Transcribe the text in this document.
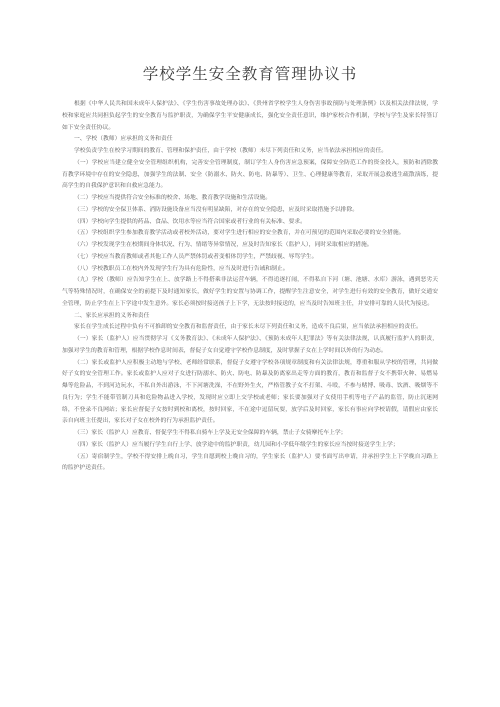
学校学生安全教育管理协议书

根据《中华人民共和国未成年人保护法》、《学生伤害事故处理办法》、《贵州省学校学生人身伤害事故预防与处理条例》以及相关法律法规，学校和家庭应共同担负起学生的安全教育与监护职责，为确保学生平安健康成长，强化安全责任意识，维护家校合作机制，学校与学生及家长特签订如下安全责任协议。

一、学校（教师）应承担的义务和责任

学校负责学生在校学习期间的教育、管理和保护责任，由于学校（教师）未尽下列责任和义务，应当依法承担相应的责任。

（一）学校应当建立健全安全管理组织机构，完善安全管理制度，制订学生人身伤害应急预案，保障安全防范工作的资金投入，预防和消除教育教学环境中存在的安全隐患，加强学生的法制、安全（防溺水、防火、防电、防暴等）、卫生、心理健康等教育，采取开展急救逃生疏散演练，提高学生的自我保护意识和自救应急能力。

（二）学校应当提供符合安全标准的校舍、场地、教育教学设施和生活设施。

（三）学校的安全保卫体系、消防设施设备应当没有明显缺陷，对存在的安全隐患，应及时采取措施予以排除。

（四）学校向学生提供的药品、食品、饮用水等应当符合国家或者行业的有关标准、要求。

（五）学校组织学生参加教育教学活动或者校外活动，要对学生进行相应的安全教育，并在可预见的范围内采取必要的安全措施。

（六）学校发现学生在校期间身体状况、行为、情绪等异常情况，应及时告知家长（监护人），同时采取相应的措施。

（七）学校应当教育教师或者其他工作人员严禁体罚或者变相体罚学生，严禁歧视、辱骂学生。

（八）学校教职员工在校内外发现学生行为具有危险性，应当及时进行告诫和制止。

（九）学校（教师）应告知学生在上、放学路上不得搭乘非法运营车辆，不得追逐打闹，不得私自下河（塘、池塘、水库）游泳，遇到恶劣天气等特殊情况时，在确保安全的前提下及时通知家长，做好学生的安置与协调工作，提醒学生注意安全，对学生进行有效的安全教育，做好交通安全管理，防止学生在上下学途中发生意外。家长必须按时接送孩子上下学，无法按时接送的，应当及时告知班主任，并安排可靠的人员代为接送。

二、家长应承担的义务和责任

家长在学生成长过程中负有不可推卸的安全教育和监督责任，由于家长未尽下列责任和义务，造成不良后果，应当依法承担相应的责任。

（一）家长（监护人）应当贯彻学习《义务教育法》、《未成年人保护法》、《预防未成年人犯罪法》等有关法律法规，认真履行监护人的职责，加强对学生的教育和管理，根据学校作息时间表，督促子女自觉遵守学校作息制度，及时掌握子女在上学时间以外的行为动态。

（二）家长或监护人应积极主动地与学校、老师经常联系，督促子女遵守学校各项规章制度和有关法律法规，尊重和服从学校的管理，共同做好子女的安全管理工作。家长或监护人应对子女进行防溺水、防火、防电、防暴及防离家出走等方面的教育，教育和监督子女不携带火种、易燃易爆等危险品，不到河边玩水，不私自外出游泳，不下河塘洗澡，不在野外生火，严格管教子女不打架、斗殴，不参与赌博、吸毒、饮酒、吸烟等不良行为；学生不能带管制刀具和危险物品进入学校，发现时应立即上交学校或老师；家长要加强对子女使用手机等电子产品的监管，防止沉迷网络，不登录不良网站；家长应督促子女按时到校和离校，按时回家，不在途中逗留玩耍，放学后及时回家，家长有事应向学校请假，请假应由家长亲自向班主任提出，家长对子女在校外的行为承担监护责任。

（三）家长（监护人）应教育、督促学生不得私自骑车上学及无安全保障的车辆，禁止子女骑摩托车上学；

（四）家长（监护人）应当履行学生自行上学、放学途中的监护职责，幼儿园和小学低年级学生的家长应当按时接送学生上学；

（五）寄宿制学生，学校不得安排上晚自习，学生自愿到校上晚自习的，学生家长（监护人）要书面写出申请，并承担学生上下学晚自习路上的监护护送责任。
